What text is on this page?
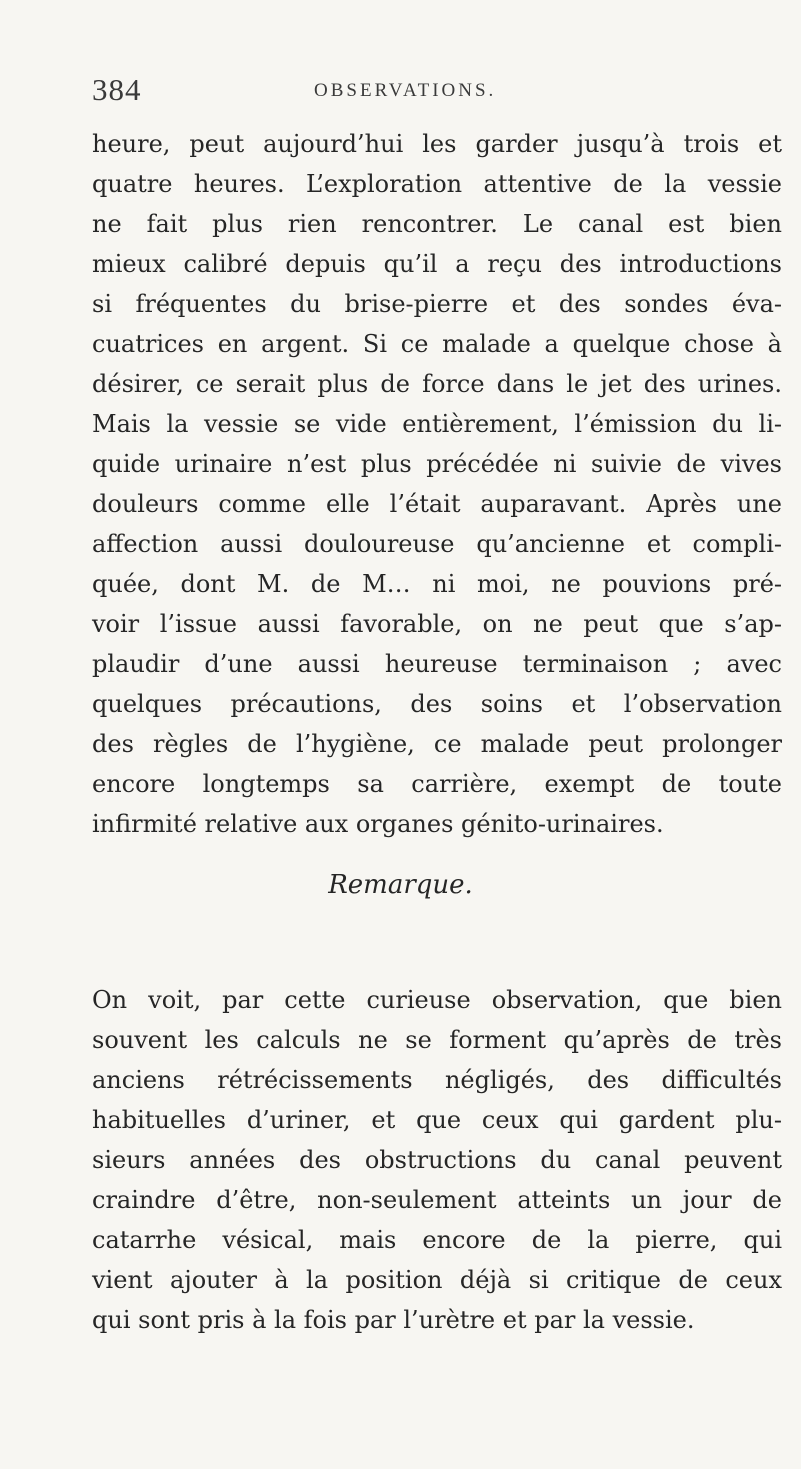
384	OBSERVATIONS.
heure, peut aujourd’hui les garder jusqu’à trois et
quatre heures. L’exploration attentive de la vessie
ne fait plus rien rencontrer. Le canal est bien
mieux calibré depuis qu’il a reçu des introductions
si fréquentes du brise-pierre et des sondes éva-
cuatrices en argent. Si ce malade a quelque chose à
désirer, ce serait plus de force dans le jet des urines.
Mais la vessie se vide entièrement, l’émission du li-
quide urinaire n’est plus précédée ni suivie de vives
douleurs comme elle l’était auparavant. Après une
affection aussi douloureuse qu’ancienne et compli-
quée, dont M. de M… ni moi, ne pouvions pré-
voir l’issue aussi favorable, on ne peut que s’ap-
plaudir d’une aussi heureuse terminaison ; avec
quelques précautions, des soins et l’observation
des règles de l’hygiène, ce malade peut prolonger
encore longtemps sa carrière, exempt de toute
infirmité relative aux organes génito-urinaires.
Remarque.
On voit, par cette curieuse observation, que bien
souvent les calculs ne se forment qu’après de très
anciens rétrécissements négligés, des difficultés
habituelles d’uriner, et que ceux qui gardent plu-
sieurs années des obstructions du canal peuvent
craindre d’être, non-seulement atteints un jour de
catarrhe vésical, mais encore de la pierre, qui
vient ajouter à la position déjà si critique de ceux
qui sont pris à la fois par l’urètre et par la vessie.
